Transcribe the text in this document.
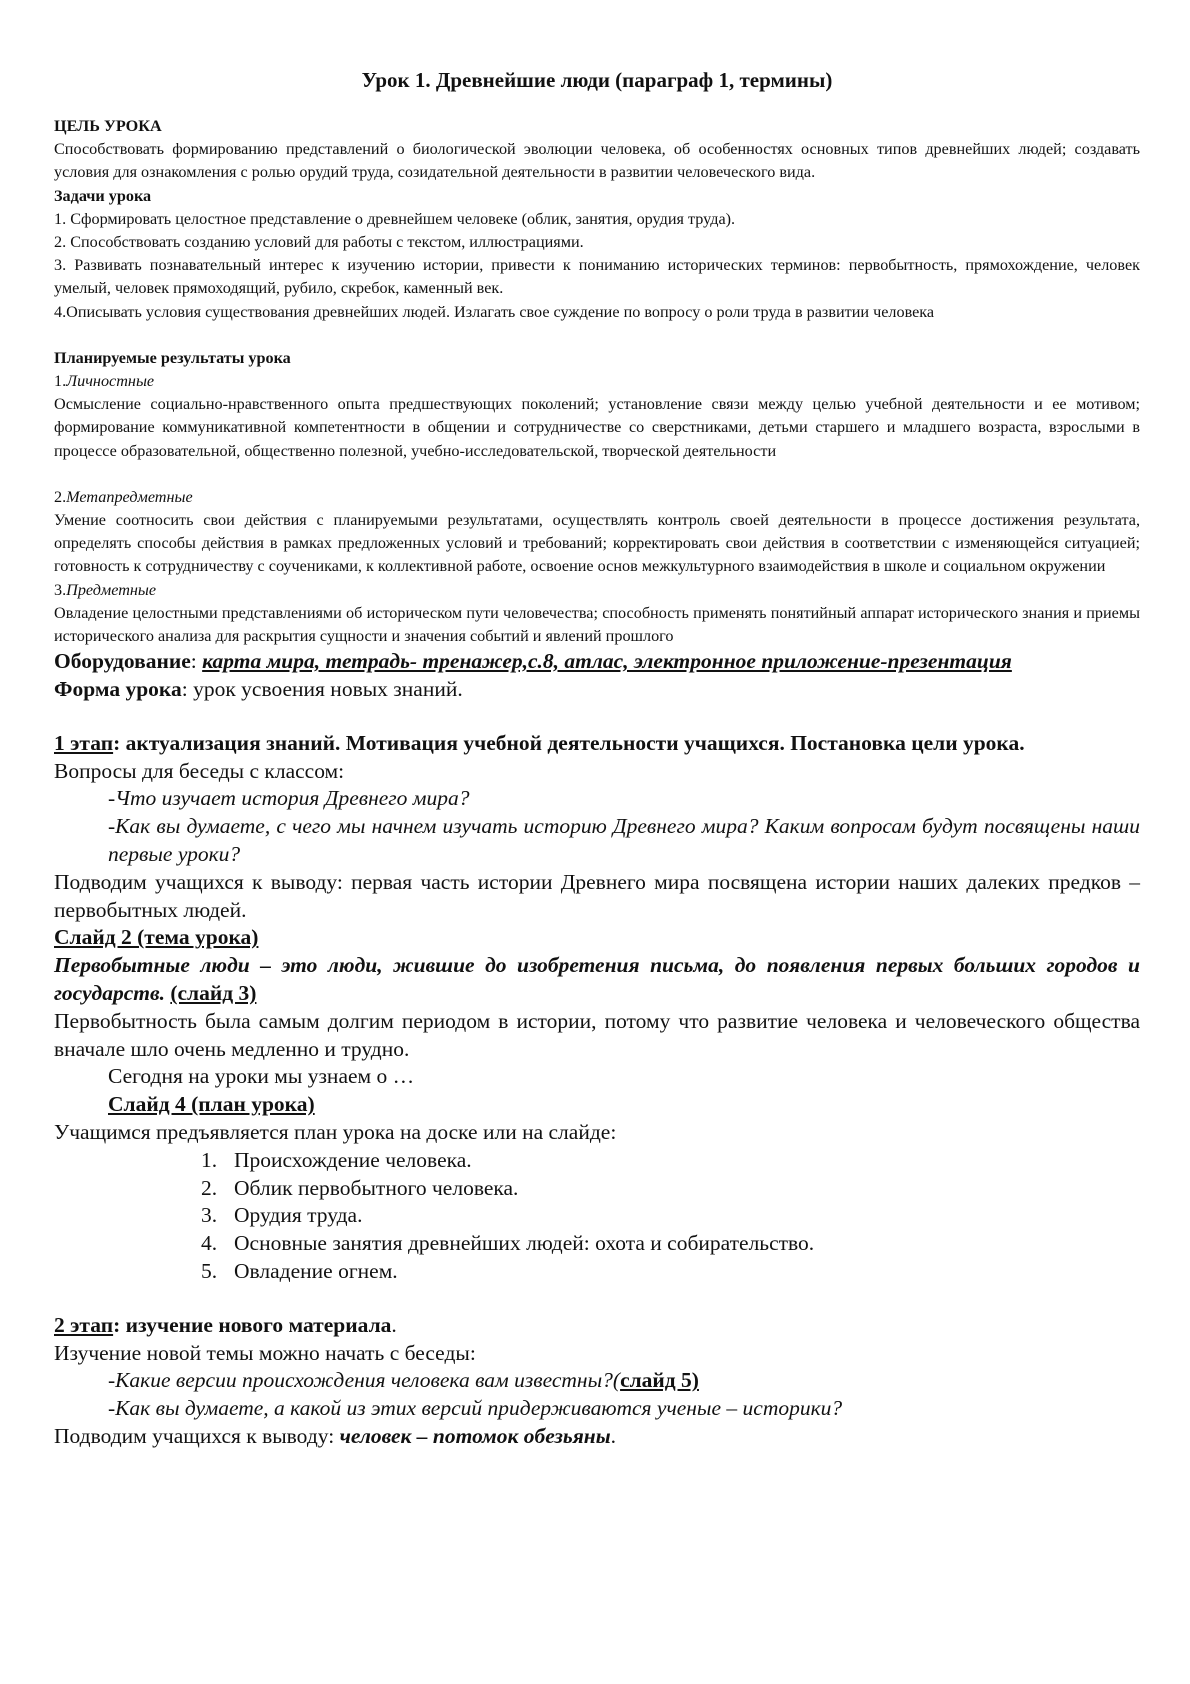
Урок 1. Древнейшие люди (параграф 1, термины)

ЦЕЛЬ УРОКА

Способствовать формированию представлений о биологической эволюции человека, об особенностях основных типов древнейших людей; создавать условия для ознакомления с ролью орудий труда, созидательной деятельности в развитии человеческого вида.

Задачи урока

1. Сформировать целостное представление о древнейшем человеке (облик, занятия, орудия труда).

2. Способствовать созданию условий для работы с текстом, иллюстрациями.

3. Развивать познавательный интерес к изучению истории, привести к пониманию исторических терминов: первобытность, прямохождение, человек умелый, человек прямоходящий, рубило, скребок, каменный век.

4.Описывать условия существования древнейших людей. Излагать свое суждение по вопросу о роли труда в развитии человека

Планируемые результаты урока

1.Личностные

Осмысление социально-нравственного опыта предшествующих поколений; установление связи между целью учебной деятельности и ее мотивом; формирование коммуникативной компетентности в общении и сотрудничестве со сверстниками, детьми старшего и младшего возраста, взрослыми в процессе образовательной, общественно полезной, учебно-исследовательской, творческой деятельности

2.Метапредметные

Умение соотносить свои действия с планируемыми результатами, осуществлять контроль своей деятельности в процессе достижения результата, определять способы действия в рамках предложенных условий и требований; корректировать свои действия в соответствии с изменяющейся ситуацией; готовность к сотрудничеству с соучениками, к коллективной работе, освоение основ межкультурного взаимодействия в школе и социальном окружении

3.Предметные

Овладение целостными представлениями об историческом пути человечества; способность применять понятийный аппарат исторического знания и приемы исторического анализа для раскрытия сущности и значения событий и явлений прошлого

Оборудование: карта мира, тетрадь- тренажер,с.8, атлас, электронное приложение-презентация

Форма урока: урок усвоения новых знаний.

1 этап: актуализация знаний. Мотивация учебной деятельности учащихся. Постановка цели урока.

Вопросы для беседы с классом:

-Что изучает история Древнего мира?

-Как вы думаете, с чего мы начнем изучать историю Древнего мира? Каким вопросам будут посвящены наши первые уроки?

Подводим учащихся к выводу: первая часть истории Древнего мира посвящена истории наших далеких предков – первобытных людей.

Слайд 2 (тема урока)

Первобытные люди – это люди, жившие до изобретения письма, до появления первых больших городов и государств. (слайд 3)

Первобытность была самым долгим периодом в истории, потому что развитие человека и человеческого общества вначале шло очень медленно и трудно.

Сегодня на уроки мы узнаем о …

Слайд 4 (план урока)

Учащимся предъявляется план урока на доске или на слайде:

1. Происхождение человека.
2. Облик первобытного человека.
3. Орудия труда.
4. Основные занятия древнейших людей: охота и собирательство.
5. Овладение огнем.

2 этап: изучение нового материала.

Изучение новой темы можно начать с беседы:

-Какие версии происхождения человека вам известны?(слайд 5)

-Как вы думаете, а какой из этих версий придерживаются ученые – историки?

Подводим учащихся к выводу: человек – потомок обезьяны.
